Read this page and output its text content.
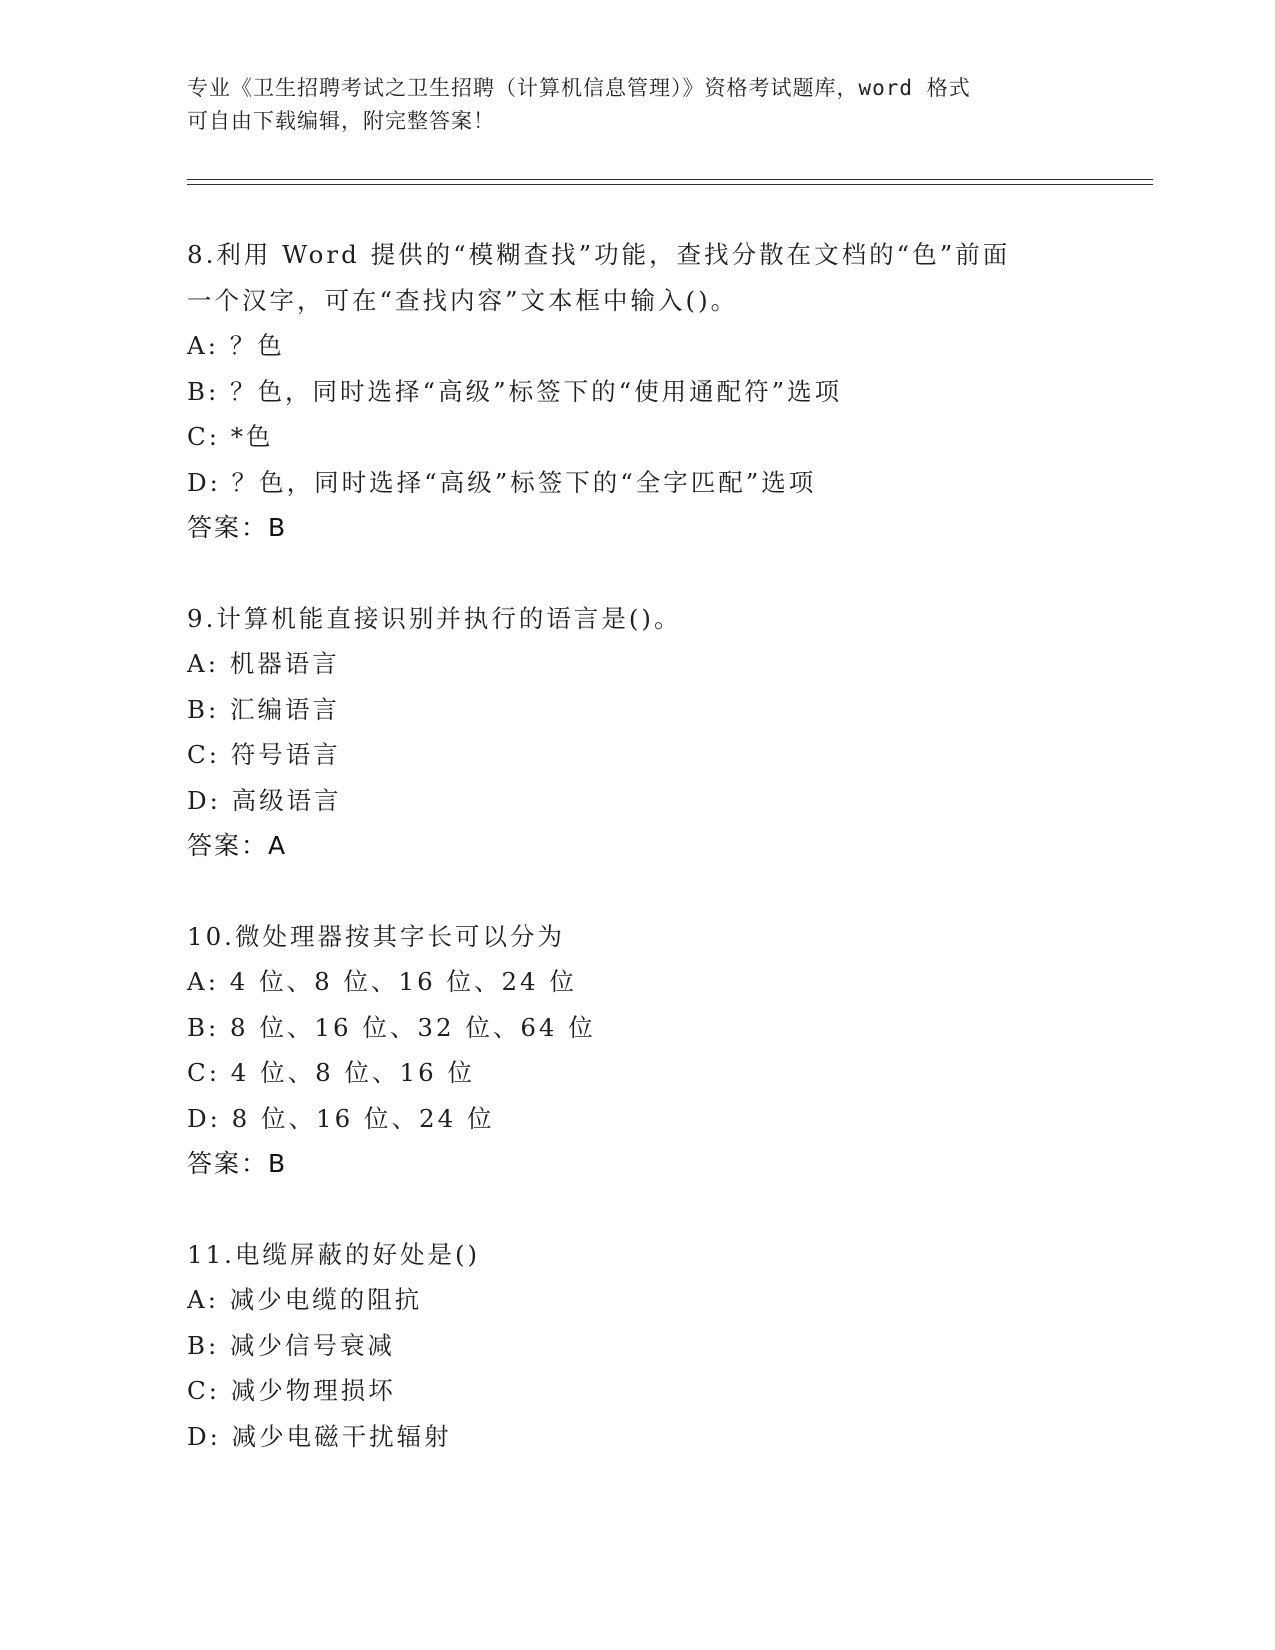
专业《卫生招聘考试之卫生招聘（计算机信息管理）》资格考试题库，word 格式
可自由下载编辑，附完整答案！
8.利用 Word 提供的“模糊查找”功能，查找分散在文档的“色”前面
一个汉字，可在“查找内容”文本框中输入()。
A: ？色
B: ？色，同时选择“高级”标签下的“使用通配符”选项
C: *色
D: ？色，同时选择“高级”标签下的“全字匹配”选项
答案：B
9.计算机能直接识别并执行的语言是()。
A: 机器语言
B: 汇编语言
C: 符号语言
D: 高级语言
答案：A
10.微处理器按其字长可以分为
A: 4 位、8 位、16 位、24 位
B: 8 位、16 位、32 位、64 位
C: 4 位、8 位、16 位
D: 8 位、16 位、24 位
答案：B
11.电缆屏蔽的好处是()
A: 减少电缆的阻抗
B: 减少信号衰减
C: 减少物理损坏
D: 减少电磁干扰辐射
